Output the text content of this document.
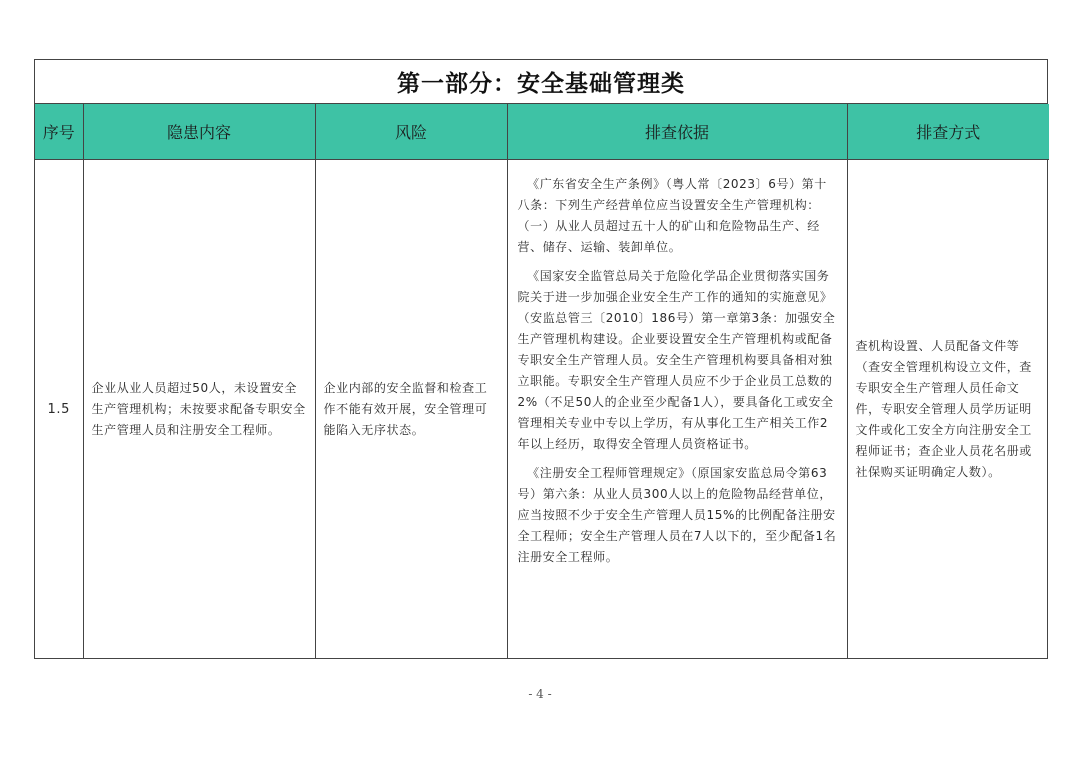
第一部分：安全基础管理类
序号	隐患内容	风险	排查依据	排查方式
1.5	企业从业人员超过50人，未设置安全生产管理机构；未按要求配备专职安全生产管理人员和注册安全工程师。	企业内部的安全监督和检查工作不能有效开展，安全管理可能陷入无序状态。	《广东省安全生产条例》（粤人常〔2023〕6号）第十八条：下列生产经营单位应当设置安全生产管理机构：（一）从业人员超过五十人的矿山和危险物品生产、经营、储存、运输、装卸单位。

《国家安全监管总局关于危险化学品企业贯彻落实国务院关于进一步加强企业安全生产工作的通知的实施意见》（安监总管三〔2010〕186号）第一章第3条：加强安全生产管理机构建设。企业要设置安全生产管理机构或配备专职安全生产管理人员。安全生产管理机构要具备相对独立职能。专职安全生产管理人员应不少于企业员工总数的2%（不足50人的企业至少配备1人），要具备化工或安全管理相关专业中专以上学历，有从事化工生产相关工作2年以上经历，取得安全管理人员资格证书。

《注册安全工程师管理规定》（原国家安监总局令第63号）第六条：从业人员300人以上的危险物品经营单位，应当按照不少于安全生产管理人员15%的比例配备注册安全工程师；安全生产管理人员在7人以下的，至少配备1名注册安全工程师。	查机构设置、人员配备文件等（查安全管理机构设立文件，查专职安全生产管理人员任命文件，专职安全管理人员学历证明文件或化工安全方向注册安全工程师证书；查企业人员花名册或社保购买证明确定人数）。
- 4 -
